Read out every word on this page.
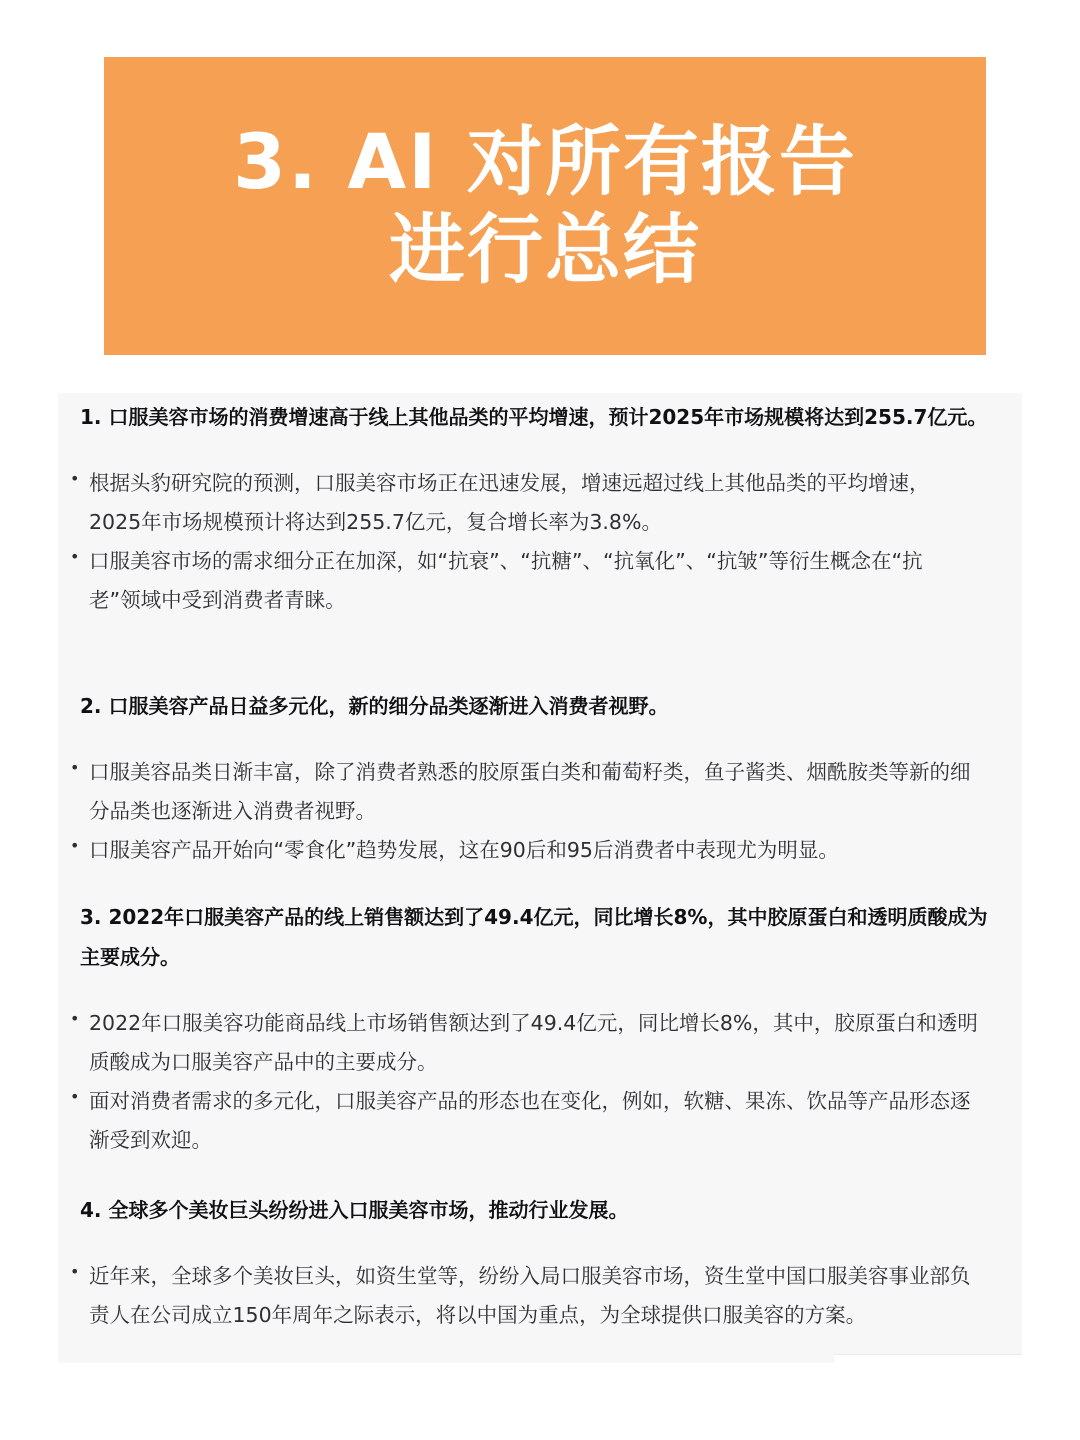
3. AI 对所有报告
进行总结

1. 口服美容市场的消费增速高于线上其他品类的平均增速，预计2025年市场规模将达到255.7亿元。

• 根据头豹研究院的预测，口服美容市场正在迅速发展，增速远超过线上其他品类的平均增速，2025年市场规模预计将达到255.7亿元，复合增长率为3.8%。
• 口服美容市场的需求细分正在加深，如“抗衰”、“抗糖”、“抗氧化”、“抗皱”等衍生概念在“抗老”领域中受到消费者青睐。

2. 口服美容产品日益多元化，新的细分品类逐渐进入消费者视野。

• 口服美容品类日渐丰富，除了消费者熟悉的胶原蛋白类和葡萄籽类，鱼子酱类、烟酰胺类等新的细分品类也逐渐进入消费者视野。
• 口服美容产品开始向“零食化”趋势发展，这在90后和95后消费者中表现尤为明显。

3. 2022年口服美容产品的线上销售额达到了49.4亿元，同比增长8%，其中胶原蛋白和透明质酸成为主要成分。

• 2022年口服美容功能商品线上市场销售额达到了49.4亿元，同比增长8%，其中，胶原蛋白和透明质酸成为口服美容产品中的主要成分。
• 面对消费者需求的多元化，口服美容产品的形态也在变化，例如，软糖、果冻、饮品等产品形态逐渐受到欢迎。

4. 全球多个美妆巨头纷纷进入口服美容市场，推动行业发展。

• 近年来，全球多个美妆巨头，如资生堂等，纷纷入局口服美容市场，资生堂中国口服美容事业部负责人在公司成立150年周年之际表示，将以中国为重点，为全球提供口服美容的方案。
